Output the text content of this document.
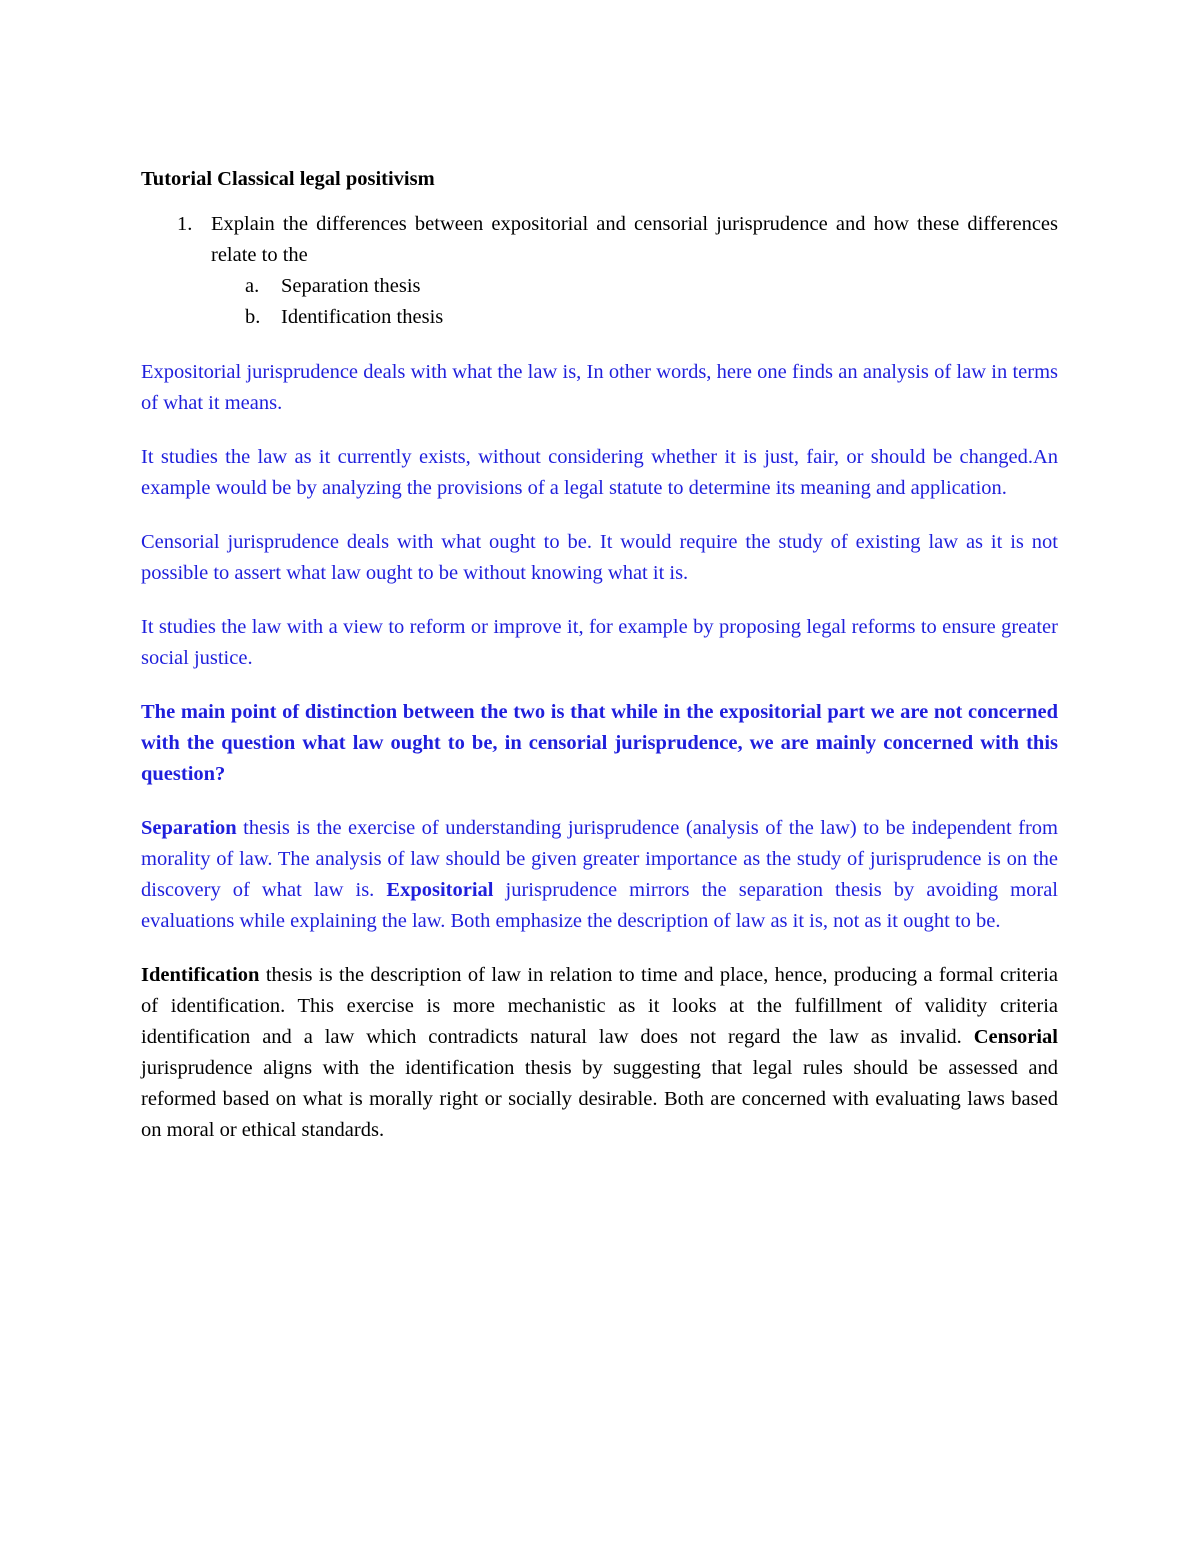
Tutorial Classical legal positivism
1. Explain the differences between expositorial and censorial jurisprudence and how these differences relate to the
a. Separation thesis
b. Identification thesis

Expositorial jurisprudence deals with what the law is, In other words, here one finds an analysis of law in terms of what it means.

It studies the law as it currently exists, without considering whether it is just, fair, or should be changed.An example would be by analyzing the provisions of a legal statute to determine its meaning and application.

Censorial jurisprudence deals with what ought to be. It would require the study of existing law as it is not possible to assert what law ought to be without knowing what it is.

It studies the law with a view to reform or improve it, for example by proposing legal reforms to ensure greater social justice.

The main point of distinction between the two is that while in the expositorial part we are not concerned with the question what law ought to be, in censorial jurisprudence, we are mainly concerned with this question?

Separation thesis is the exercise of understanding jurisprudence (analysis of the law) to be independent from morality of law. The analysis of law should be given greater importance as the study of jurisprudence is on the discovery of what law is. Expositorial jurisprudence mirrors the separation thesis by avoiding moral evaluations while explaining the law. Both emphasize the description of law as it is, not as it ought to be.

Identification thesis is the description of law in relation to time and place, hence, producing a formal criteria of identification. This exercise is more mechanistic as it looks at the fulfillment of validity criteria identification and a law which contradicts natural law does not regard the law as invalid. Censorial jurisprudence aligns with the identification thesis by suggesting that legal rules should be assessed and reformed based on what is morally right or socially desirable. Both are concerned with evaluating laws based on moral or ethical standards.
